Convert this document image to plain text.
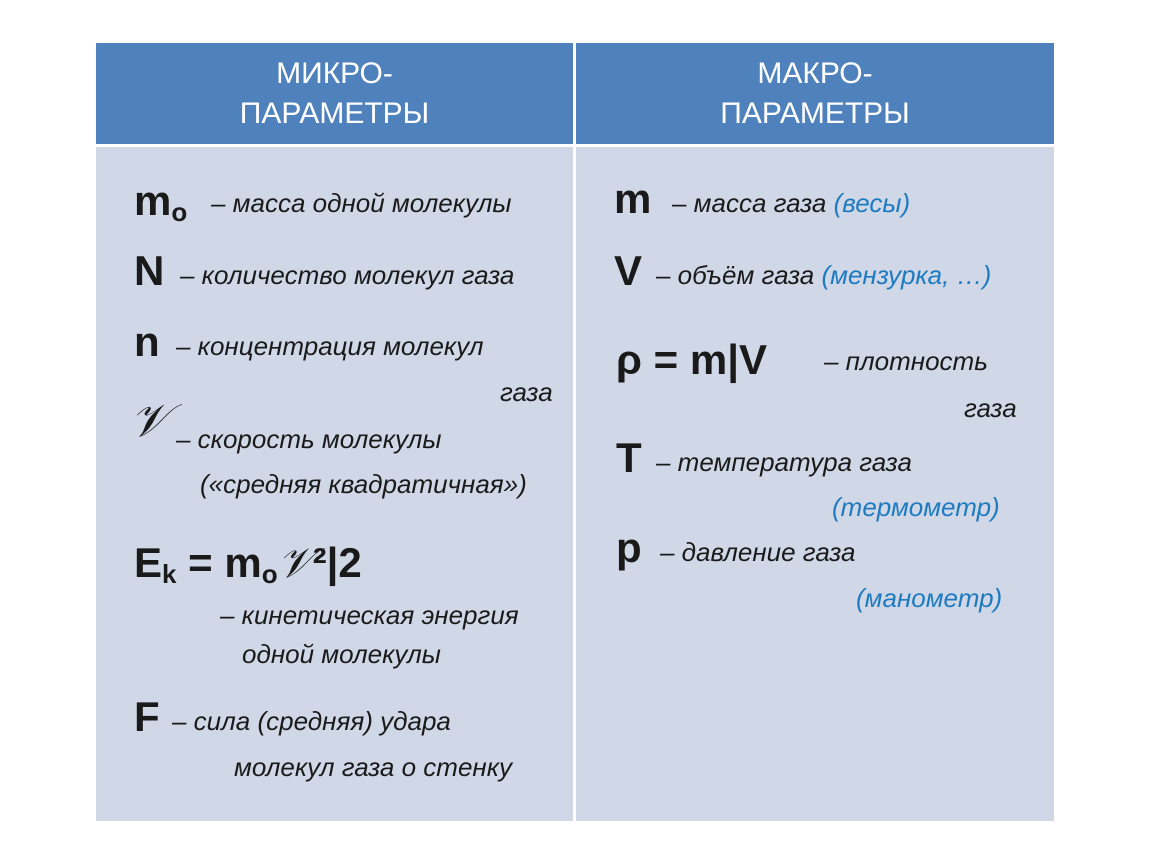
МИКРО-
ПАРАМЕТРЫ
МАКРО-
ПАРАМЕТРЫ
$m_o$ – масса одной молекулы
N – количество молекул газа
n – концентрация молекул
газа
𝒱 – скорость молекулы
(«средняя квадратичная»)
$E_k$ = $m_o𝒱^2|2$
– кинетическая энергия
одной молекулы
F – сила (средняя) удара
молекул газа о стенку
m – масса газа (весы)
V – объём газа (мензурка, …)
ρ = m|V – плотность
газа
T – температура газа
(термометр)
p – давление газа
(манометр)
